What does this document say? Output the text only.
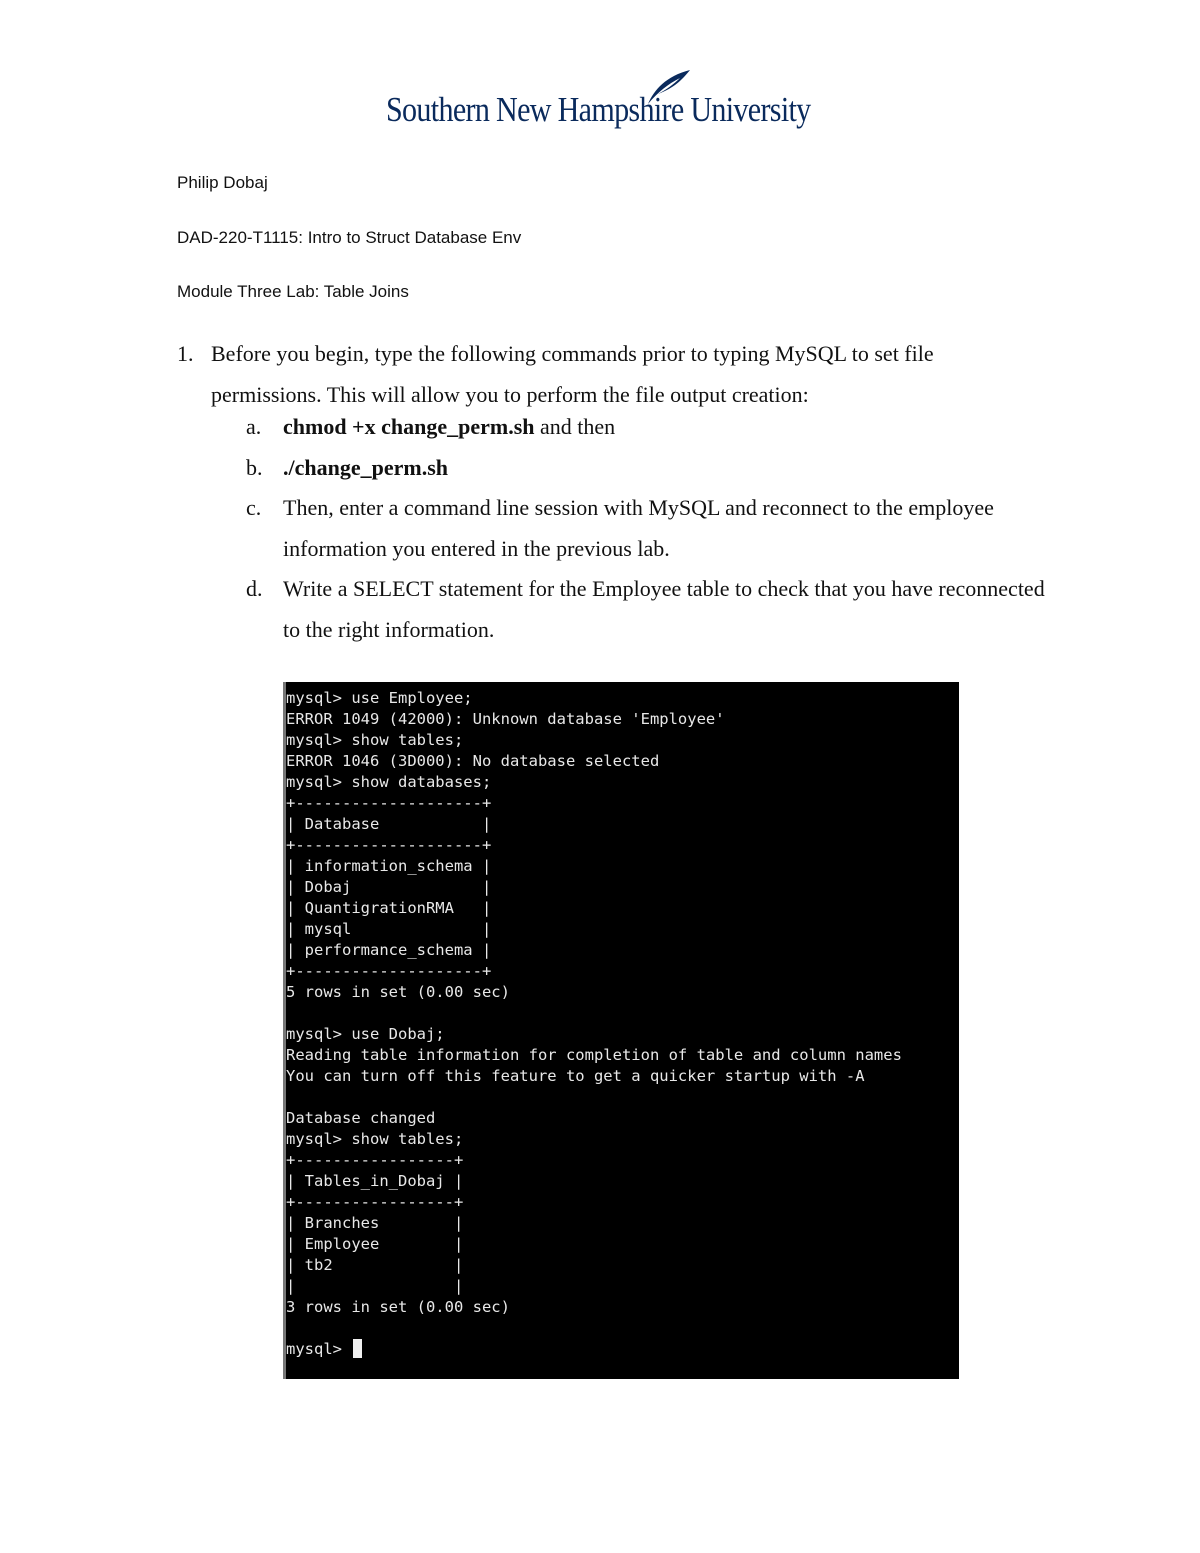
Southern New Hampshire University
Philip Dobaj
DAD-220-T1115: Intro to Struct Database Env
Module Three Lab: Table Joins
1. Before you begin, type the following commands prior to typing MySQL to set file permissions. This will allow you to perform the file output creation:
a. chmod +x change_perm.sh and then
b. ./change_perm.sh
c. Then, enter a command line session with MySQL and reconnect to the employee information you entered in the previous lab.
d. Write a SELECT statement for the Employee table to check that you have reconnected to the right information.
mysql> use Employee;
ERROR 1049 (42000): Unknown database 'Employee'
mysql> show tables;
ERROR 1046 (3D000): No database selected
mysql> show databases;
+--------------------+
| Database           |
+--------------------+
| information_schema |
| Dobaj              |
| QuantigrationRMA   |
| mysql              |
| performance_schema |
+--------------------+
5 rows in set (0.00 sec)

mysql> use Dobaj;
Reading table information for completion of table and column names
You can turn off this feature to get a quicker startup with -A

Database changed
mysql> show tables;
+-----------------+
| Tables_in_Dobaj |
+-----------------+
| Branches        |
| Employee        |
| tb2             |
|                 |
3 rows in set (0.00 sec)

mysql>
